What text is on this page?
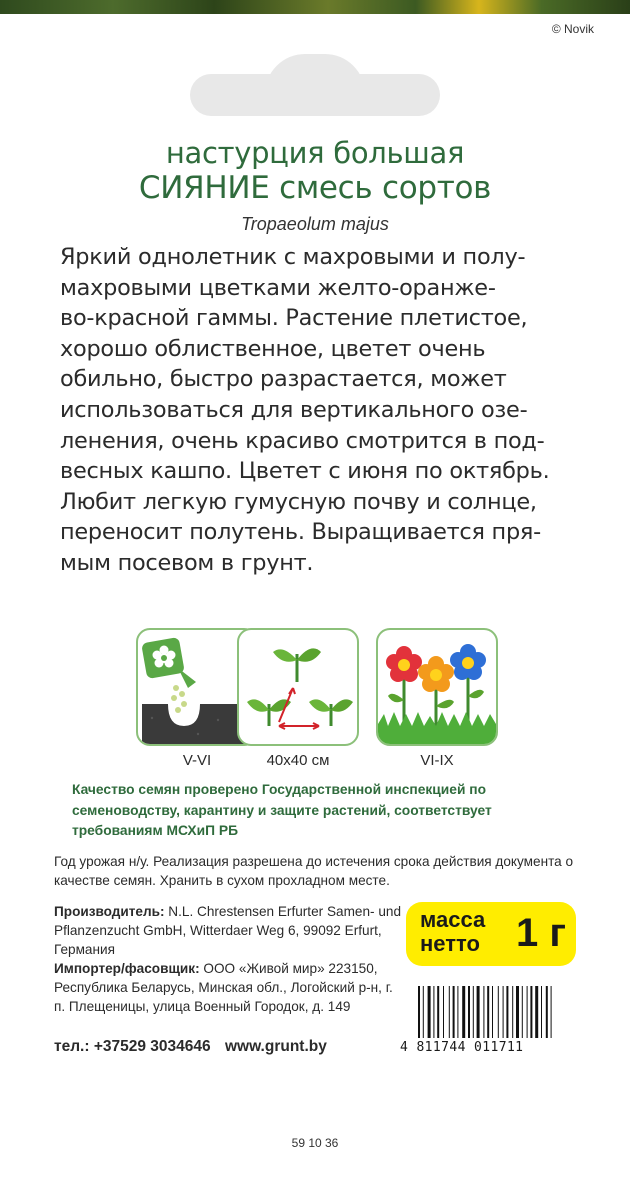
© Novik
настурция большая
СИЯНИЕ смесь сортов
Tropaeolum majus
Яркий однолетник с махровыми и полу-
махровыми цветками желто-оранже-
во-красной гаммы. Растение плетистое,
хорошо облиственное, цветет очень
обильно, быстро разрастается, может
использоваться для вертикального озе-
ленения, очень красиво смотрится в под-
весных кашпо. Цветет с июня по октябрь.
Любит легкую гумусную почву и солнце,
переносит полутень. Выращивается пря-
мым посевом в грунт.
V-VI	40x40 см	VI-IX
Качество семян проверено Государственной инспекцией по семеноводству, карантину и защите растений, соответствует требованиям МСХиП РБ
Год урожая н/у. Реализация разрешена до истечения срока действия документа о качестве семян. Хранить в сухом прохладном месте.
Производитель: N.L. Chrestensen Erfurter Samen- und Pflanzenzucht GmbH, Witterdaer Weg 6, 99092 Erfurt, Германия
Импортер/фасовщик: ООО «Живой мир» 223150, Республика Беларусь, Минская обл., Логойский р-н, г. п. Плещеницы, улица Военный Городок, д. 149
тел.: +37529 3034646 www.grunt.by
масса нетто 1 г
4 811744 011711
59 10 36
